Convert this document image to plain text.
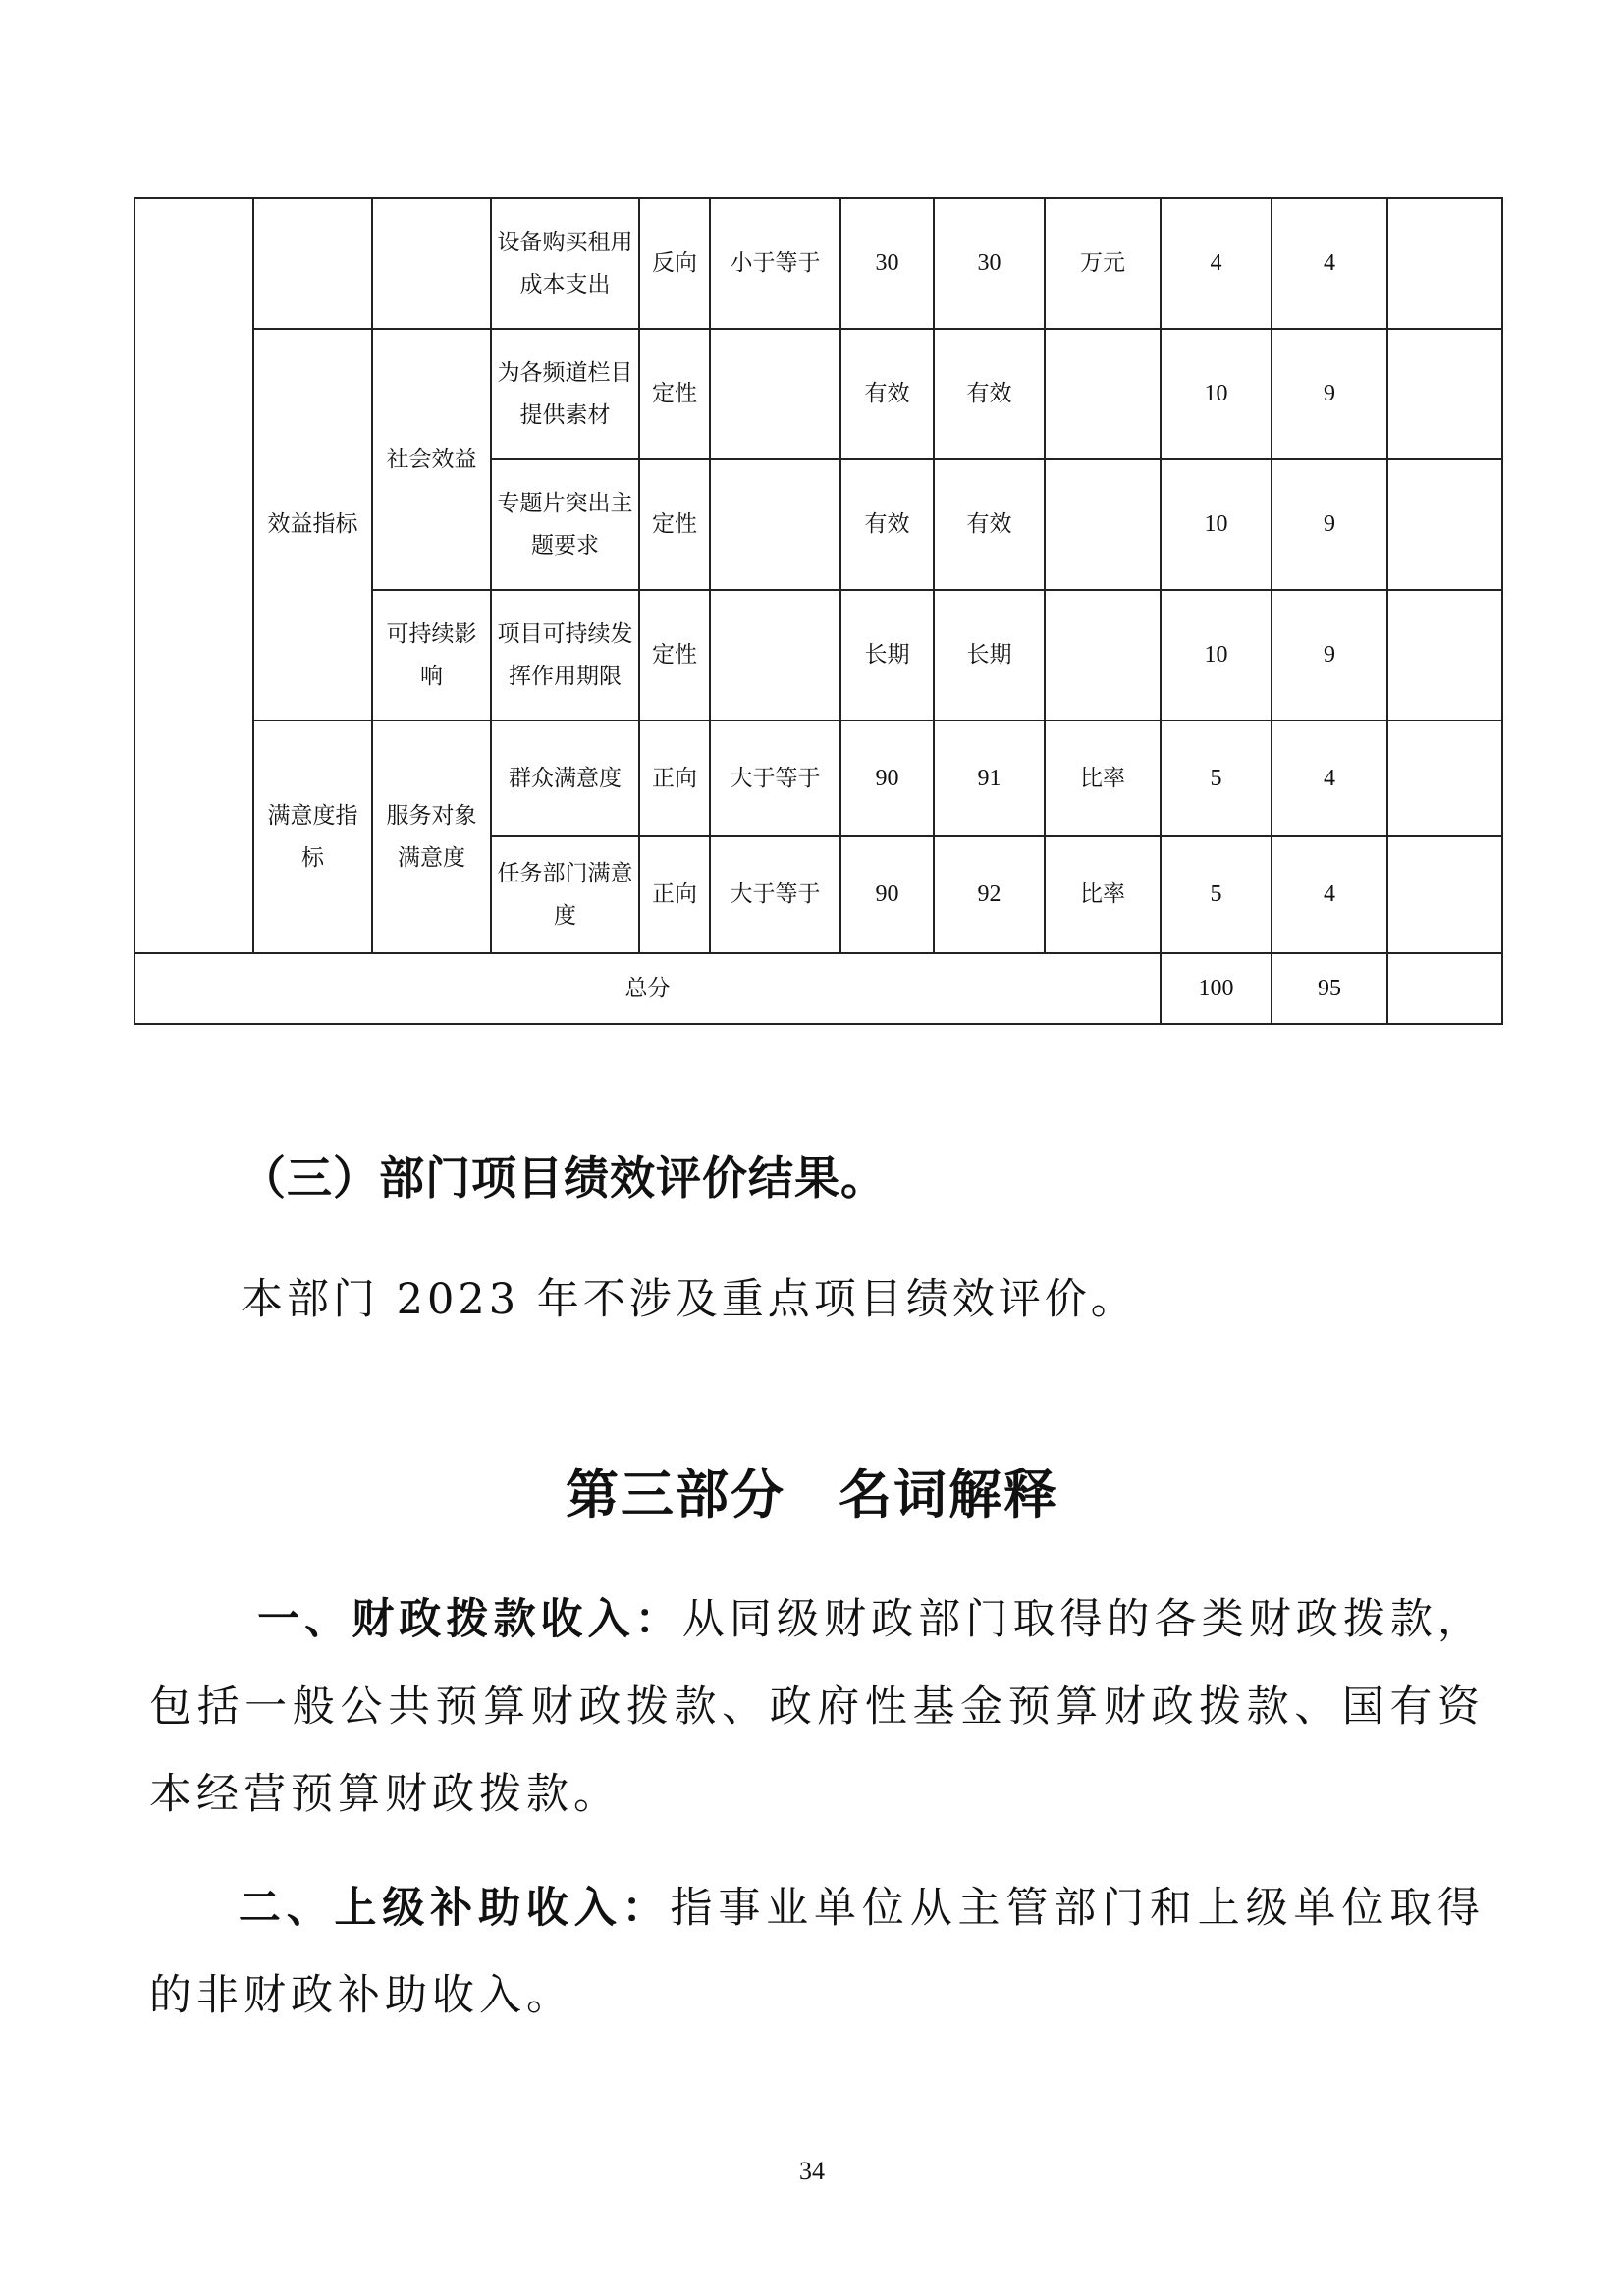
			设备购买租用成本支出	反向	小于等于	30	30	万元	4	4	
	效益指标	社会效益	为各频道栏目提供素材	定性		有效	有效		10	9	
			专题片突出主题要求	定性		有效	有效		10	9	
		可持续影响	项目可持续发挥作用期限	定性		长期	长期		10	9	
	满意度指标	服务对象满意度	群众满意度	正向	大于等于	90	91	比率	5	4	
			任务部门满意度	正向	大于等于	90	92	比率	5	4	
总分									100	95	

（三）部门项目绩效评价结果。

本部门 2023 年不涉及重点项目绩效评价。

第三部分 名词解释

一、财政拨款收入：从同级财政部门取得的各类财政拨款，包括一般公共预算财政拨款、政府性基金预算财政拨款、国有资本经营预算财政拨款。

二、上级补助收入：指事业单位从主管部门和上级单位取得的非财政补助收入。

34
